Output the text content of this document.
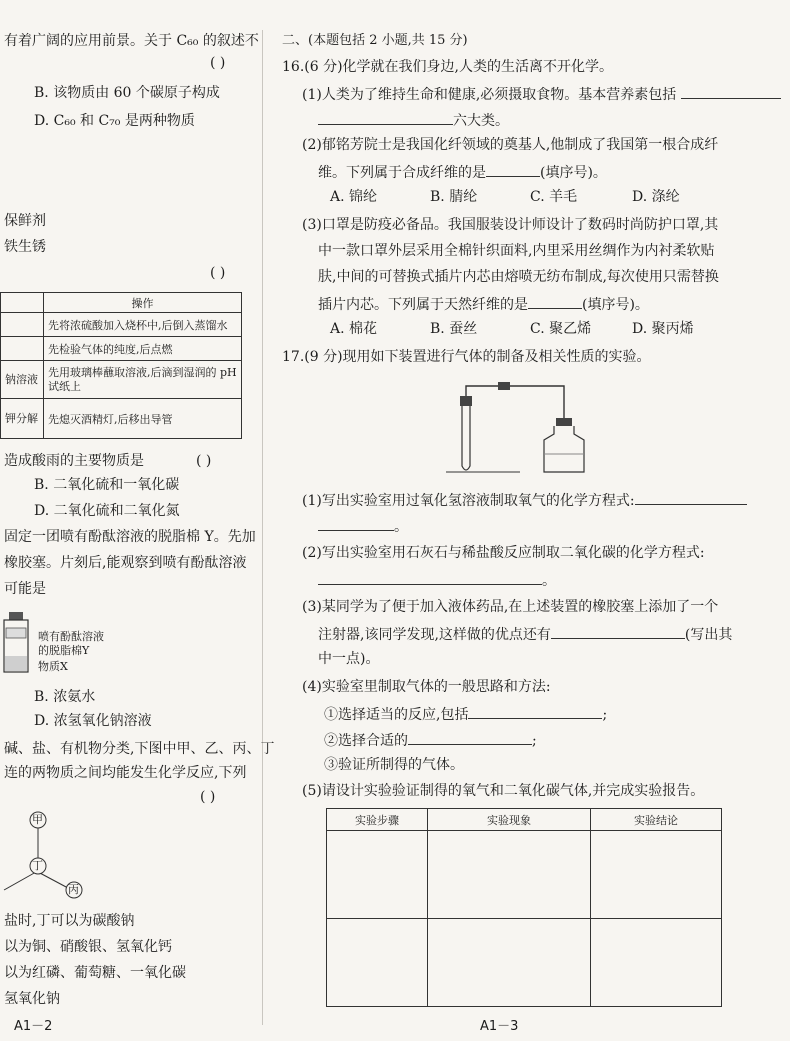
有着广阔的应用前景。关于 C₆₀ 的叙述不
( )
B. 该物质由 60 个碳原子构成
D. C₆₀ 和 C₇₀ 是两种物质
保鲜剂
铁生锈
( )
	操作
	先将浓硫酸加入烧杯中,后倒入蒸馏水
	先检验气体的纯度,后点燃
钠溶液	先用玻璃棒蘸取溶液,后滴到湿润的 pH 试纸上
钾分解	先熄灭酒精灯,后移出导管
造成酸雨的主要物质是	( )
B. 二氧化硫和一氧化碳
D. 二氧化硫和二氧化氮
固定一团喷有酚酞溶液的脱脂棉 Y。先加
橡胶塞。片刻后,能观察到喷有酚酞溶液
可能是
喷有酚酞溶液
的脱脂棉Y
物质X
B. 浓氨水
D. 浓氢氧化钠溶液
碱、盐、有机物分类,下图中甲、乙、丙、丁
连的两物质之间均能发生化学反应,下列
( )
甲
丁
丙
盐时,丁可以为碳酸钠
以为铜、硝酸银、氢氧化钙
以为红磷、葡萄糖、一氧化碳
氢氧化钠
A1－2
二、(本题包括 2 小题,共 15 分)
16.(6 分)化学就在我们身边,人类的生活离不开化学。
(1)人类为了维持生命和健康,必须摄取食物。基本营养素包括
六大类。
(2)郁铭芳院士是我国化纤领域的奠基人,他制成了我国第一根合成纤
维。下列属于合成纤维的是	(填序号)。
A. 锦纶	B. 腈纶	C. 羊毛	D. 涤纶
(3)口罩是防疫必备品。我国服装设计师设计了数码时尚防护口罩,其
中一款口罩外层采用全棉针织面料,内里采用丝绸作为内衬柔软贴
肤,中间的可替换式插片内芯由熔喷无纺布制成,每次使用只需替换
插片内芯。下列属于天然纤维的是	(填序号)。
A. 棉花	B. 蚕丝	C. 聚乙烯	D. 聚丙烯
17.(9 分)现用如下装置进行气体的制备及相关性质的实验。
(1)写出实验室用过氧化氢溶液制取氧气的化学方程式:
。
(2)写出实验室用石灰石与稀盐酸反应制取二氧化碳的化学方程式:
。
(3)某同学为了便于加入液体药品,在上述装置的橡胶塞上添加了一个
注射器,该同学发现,这样做的优点还有	(写出其
中一点)。
(4)实验室里制取气体的一般思路和方法:
①选择适当的反应,包括	;
②选择合适的	;
③验证所制得的气体。
(5)请设计实验验证制得的氧气和二氧化碳气体,并完成实验报告。
实验步骤	实验现象	实验结论

A1－3
